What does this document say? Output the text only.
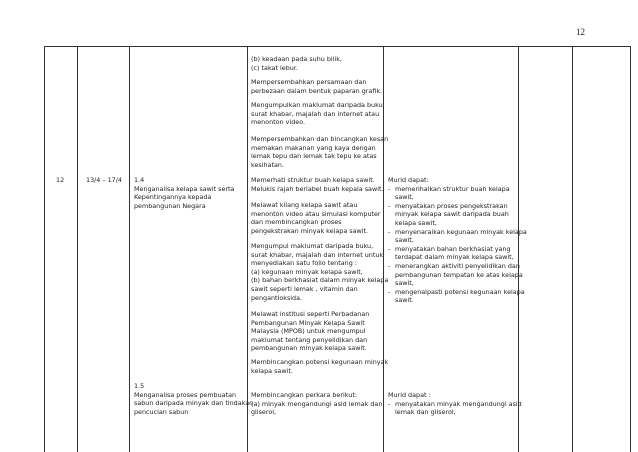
12
12	13/4 – 17/4 1.4
Menganalisa kelapa sawit serta
Kepentingannya kepada
pembangunan Negara
1.5
Menganalisa proses pembuatan
sabun daripada minyak dan tindakan
pencucian sabun
(b) keadaan pada suhu bilik,
(c) takat lebur.
Mempersembahkan persamaan dan
perbezaan dalam bentuk paparan grafik.
Mengumpulkan maklumat daripada buku,
surat khabar, majalah dan internet atau
menonton video.
Mempersembahkan dan bincangkan kesan
memakan makanan yang kaya dengan
lemak tepu dan lemak tak tepu ke atas
kesihatan.
Memerhati struktur buah kelapa sawit.
Melukis rajah berlabel buah kepala sawit.
Melawat kilang kelapa sawit atau
menonton video atau simulasi komputer
dan membincangkan proses
pengekstrakan minyak kelapa sawit.
Mengumpul maklumat daripada buku,
surat khabar, majalah dan internet untuk
menyediakan satu folio tentang :
(a) kegunaan minyak kelapa sawit,
(b) bahan berkhasiat dalam minyak kelapa
sawit seperti lemak , vitamin dan
pengantioksida.
Melawat institusi seperti Perbadanan
Pembangunan Minyak Kelapa Sawit
Malaysia (MPOB) untuk mengumpul
maklumat tentang penyelidikan dan
pembangunan minyak kelapa sawit.
Membincangkan potensi kegunaan minyak
kelapa sawit.
Membincangkan perkara berikut:
(a) minyak mengandungi asid lemak dan
gliserol,
Murid dapat:
- memerihalkan struktur buah kelapa
sawit,
- menyatakan proses pengekstrakan
minyak kelapa sawit daripada buah
kelapa sawit,
- menyenaraikan kegunaan minyak kelapa
sawit,
- menyatakan bahan berkhasiat yang
terdapat dalam minyak kelapa sawit,
- menerangkan aktiviti penyelidikan dan
pembangunan tempatan ke atas kelapa
sawit,
- mengenalpasti potensi kegunaan kelapa
sawit.
Murid dapat :
- menyatakan minyak mengandungi asid
lemak dan gliserol,
